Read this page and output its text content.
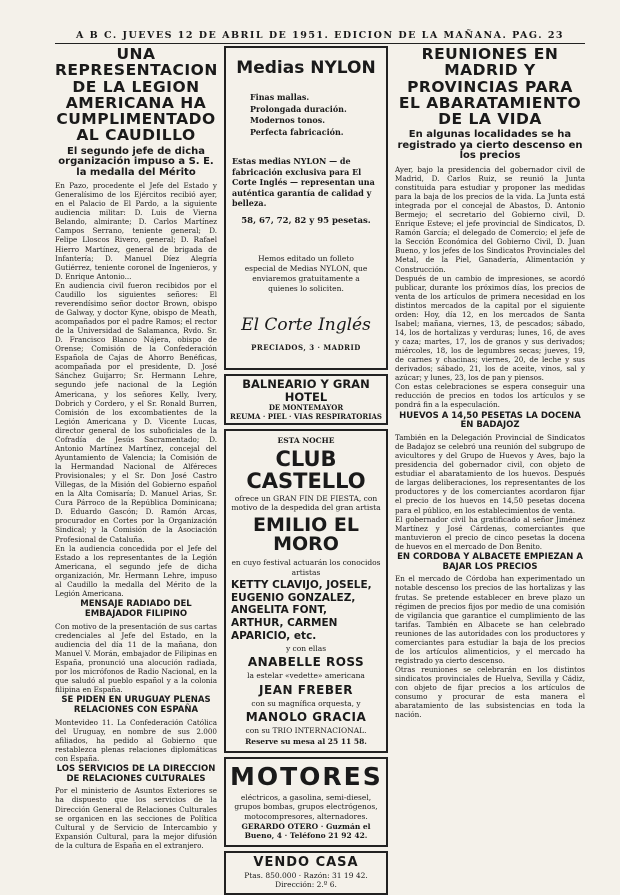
A B C. JUEVES 12 DE ABRIL DE 1951. EDICION DE LA MAÑANA. PAG. 23
UNA REPRESENTACION DE LA LEGION AMERICANA HA CUMPLIMENTADO AL CAUDILLO

El segundo jefe de dicha organización impuso a S. E. la medalla del Mérito

En Pazo, procedente el Jefe del Estado y Generalísimo de los Ejércitos recibió ayer, en el Palacio de El Pardo, a la siguiente audiencia militar: D. Luis de Vierna Belando, almirante; D. Carlos Martínez Campos Serrano, teniente general; D. Felipe Lloscos Rivero, general; D. Rafael Hierro Martínez, general de brigada de Infantería; D. Manuel Díez Alegría Gutiérrez, teniente coronel de Ingenieros, y D. Enrique Antonio...

En audiencia civil fueron recibidos por el Caudillo los siguientes señores: El reverendísimo señor doctor Brown, obispo de Galway, y doctor Kyne, obispo de Meath, acompañados por el padre Ramos; el rector de la Universidad de Salamanca, Rvdo. Sr. D. Francisco Blanco Nájera, obispo de Orense; Comisión de la Confederación Española de Cajas de Ahorro Benéficas, acompañada por el presidente, D. José Sánchez Guijarro; Sr. Hermann Lehre, segundo jefe nacional de la Legión Americana, y los señores Kelly, Ivery, Dobrich y Cordero, y el Sr. Ronald Burren, Comisión de los excombatientes de la Legión Americana y D. Vicente Lucas, director general de los suboficiales de la Cofradía de Jesús Sacramentado; D. Antonio Martínez Martínez, concejal del Ayuntamiento de Valencia; la Comisión de la Hermandad Nacional de Alféreces Provisionales; y el Sr. Don José Castro Villegas, de la Misión del Gobierno español en la Alta Comisaría; D. Manuel Arias, Sr. Cura Párroco de la República Dominicana; D. Eduardo Gascón; D. Ramón Arcas, procurador en Cortes por la Organización Sindical; y la Comisión de la Asociación Profesional de Cataluña.

En la audiencia concedida por el Jefe del Estado a los representantes de la Legión Americana, el segundo jefe de dicha organización, Mr. Hermann Lehre, impuso al Caudillo la medalla del Mérito de la Legión Americana.

MENSAJE RADIADO DEL EMBAJADOR FILIPINO

Con motivo de la presentación de sus cartas credenciales al Jefe del Estado, en la audiencia del día 11 de la mañana, don Manuel V. Morán, embajador de Filipinas en España, pronunció una alocución radiada, por los micrófonos de Radio Nacional, en la que saludó al pueblo español y a la colonia filipina en España.

SE PIDEN EN URUGUAY PLENAS RELACIONES CON ESPAÑA

Montevideo 11. La Confederación Católica del Uruguay, en nombre de sus 2.000 afiliados, ha pedido al Gobierno que restablezca plenas relaciones diplomáticas con España.

LOS SERVICIOS DE LA DIRECCION DE RELACIONES CULTURALES

Por el ministerio de Asuntos Exteriores se ha dispuesto que los servicios de la Dirección General de Relaciones Culturales se organicen en las secciones de Política Cultural y de Servicio de Intercambio y Expansión Cultural, para la mejor difusión de la cultura de España en el extranjero.

Medias NYLON
Finas mallas.
Prolongada duración.
Modernos tonos.
Perfecta fabricación.
Estas medias NYLON — de fabricación exclusiva para El Corte Inglés — representan una auténtica garantía de calidad y belleza.
58, 67, 72, 82 y 95 pesetas.
Hemos editado un folleto especial de Medias NYLON, que enviaremos gratuitamente a quienes lo soliciten.
El Corte Inglés
PRECIADOS, 3 · MADRID
BALNEARIO Y GRAN HOTEL
DE MONTEMAYOR
REUMA · PIEL · VIAS RESPIRATORIAS
ESTA NOCHE
CLUB CASTELLO
ofrece un GRAN FIN DE FIESTA, con motivo de la despedida del gran artista
EMILIO EL MORO
en cuyo festival actuarán los conocidos artistas
KETTY CLAVIJO, JOSELE, EUGENIO GONZALEZ, ANGELITA FONT, ARTHUR, CARMEN APARICIO, etc.
y con ellas
ANABELLE ROSS
la estelar «vedette» americana
JEAN FREBER
con su magnífica orquesta, y
MANOLO GRACIA
con su TRIO INTERNACIONAL.
Reserve su mesa al 25 11 58.
MOTORES
eléctricos, a gasolina, semi-diesel, grupos bombas, grupos electrógenos, motocompresores, alternadores.
GERARDO OTERO · Guzmán el Bueno, 4 · Teléfono 21 92 42.
VENDO CASA
Ptas. 850.000 · Razón: 31 19 42. Dirección: 2.º 6.
REUNIONES EN MADRID Y PROVINCIAS PARA EL ABARATAMIENTO DE LA VIDA

En algunas localidades se ha registrado ya cierto descenso en los precios

Ayer, bajo la presidencia del gobernador civil de Madrid, D. Carlos Ruiz, se reunió la Junta constituida para estudiar y proponer las medidas para la baja de los precios de la vida. La Junta está integrada por el concejal de Abastos, D. Antonio Bermejo; el secretario del Gobierno civil, D. Enrique Esteve; el jefe provincial de Sindicatos, D. Ramón García; el delegado de Comercio; el jefe de la Sección Económica del Gobierno Civil, D. Juan Bueno, y los jefes de los Sindicatos Provinciales del Metal, de la Piel, Ganadería, Alimentación y Construcción.

Después de un cambio de impresiones, se acordó publicar, durante los próximos días, los precios de venta de los artículos de primera necesidad en los distintos mercados de la capital por el siguiente orden: Hoy, día 12, en los mercados de Santa Isabel; mañana, viernes, 13, de pescados; sábado, 14, los de hortalizas y verduras; lunes, 16, de aves y caza; martes, 17, los de granos y sus derivados; miércoles, 18, los de legumbres secas; jueves, 19, de carnes y chacinas; viernes, 20, de leche y sus derivados; sábado, 21, los de aceite, vinos, sal y azúcar; y lunes, 23, los de pan y piensos.

Con estas celebraciones se espera conseguir una reducción de precios en todos los artículos y se pondrá fin a la especulación.

HUEVOS A 14,50 PESETAS LA DOCENA EN BADAJOZ

También en la Delegación Provincial de Sindicatos de Badajoz se celebró una reunión del subgrupo de avicultores y del Grupo de Huevos y Aves, bajo la presidencia del gobernador civil, con objeto de estudiar el abaratamiento de los huevos. Después de largas deliberaciones, los representantes de los productores y de los comerciantes acordaron fijar el precio de los huevos en 14,50 pesetas docena para el público, en los establecimientos de venta.

El gobernador civil ha gratificado al señor Jiménez Martínez y José Cárdenas, comerciantes que mantuvieron el precio de cinco pesetas la docena de huevos en el mercado de Don Benito.

EN CORDOBA Y ALBACETE EMPIEZAN A BAJAR LOS PRECIOS

En el mercado de Córdoba han experimentado un notable descenso los precios de las hortalizas y las frutas. Se pretende establecer en breve plazo un régimen de precios fijos por medio de una comisión de vigilancia que garantice el cumplimiento de las tarifas. También en Albacete se han celebrado reuniones de las autoridades con los productores y comerciantes para estudiar la baja de los precios de los artículos alimenticios, y el mercado ha registrado ya cierto descenso.

Otras reuniones se celebrarán en los distintos sindicatos provinciales de Huelva, Sevilla y Cádiz, con objeto de fijar precios a los artículos de consumo y procurar de esta manera el abaratamiento de las subsistencias en toda la nación.
